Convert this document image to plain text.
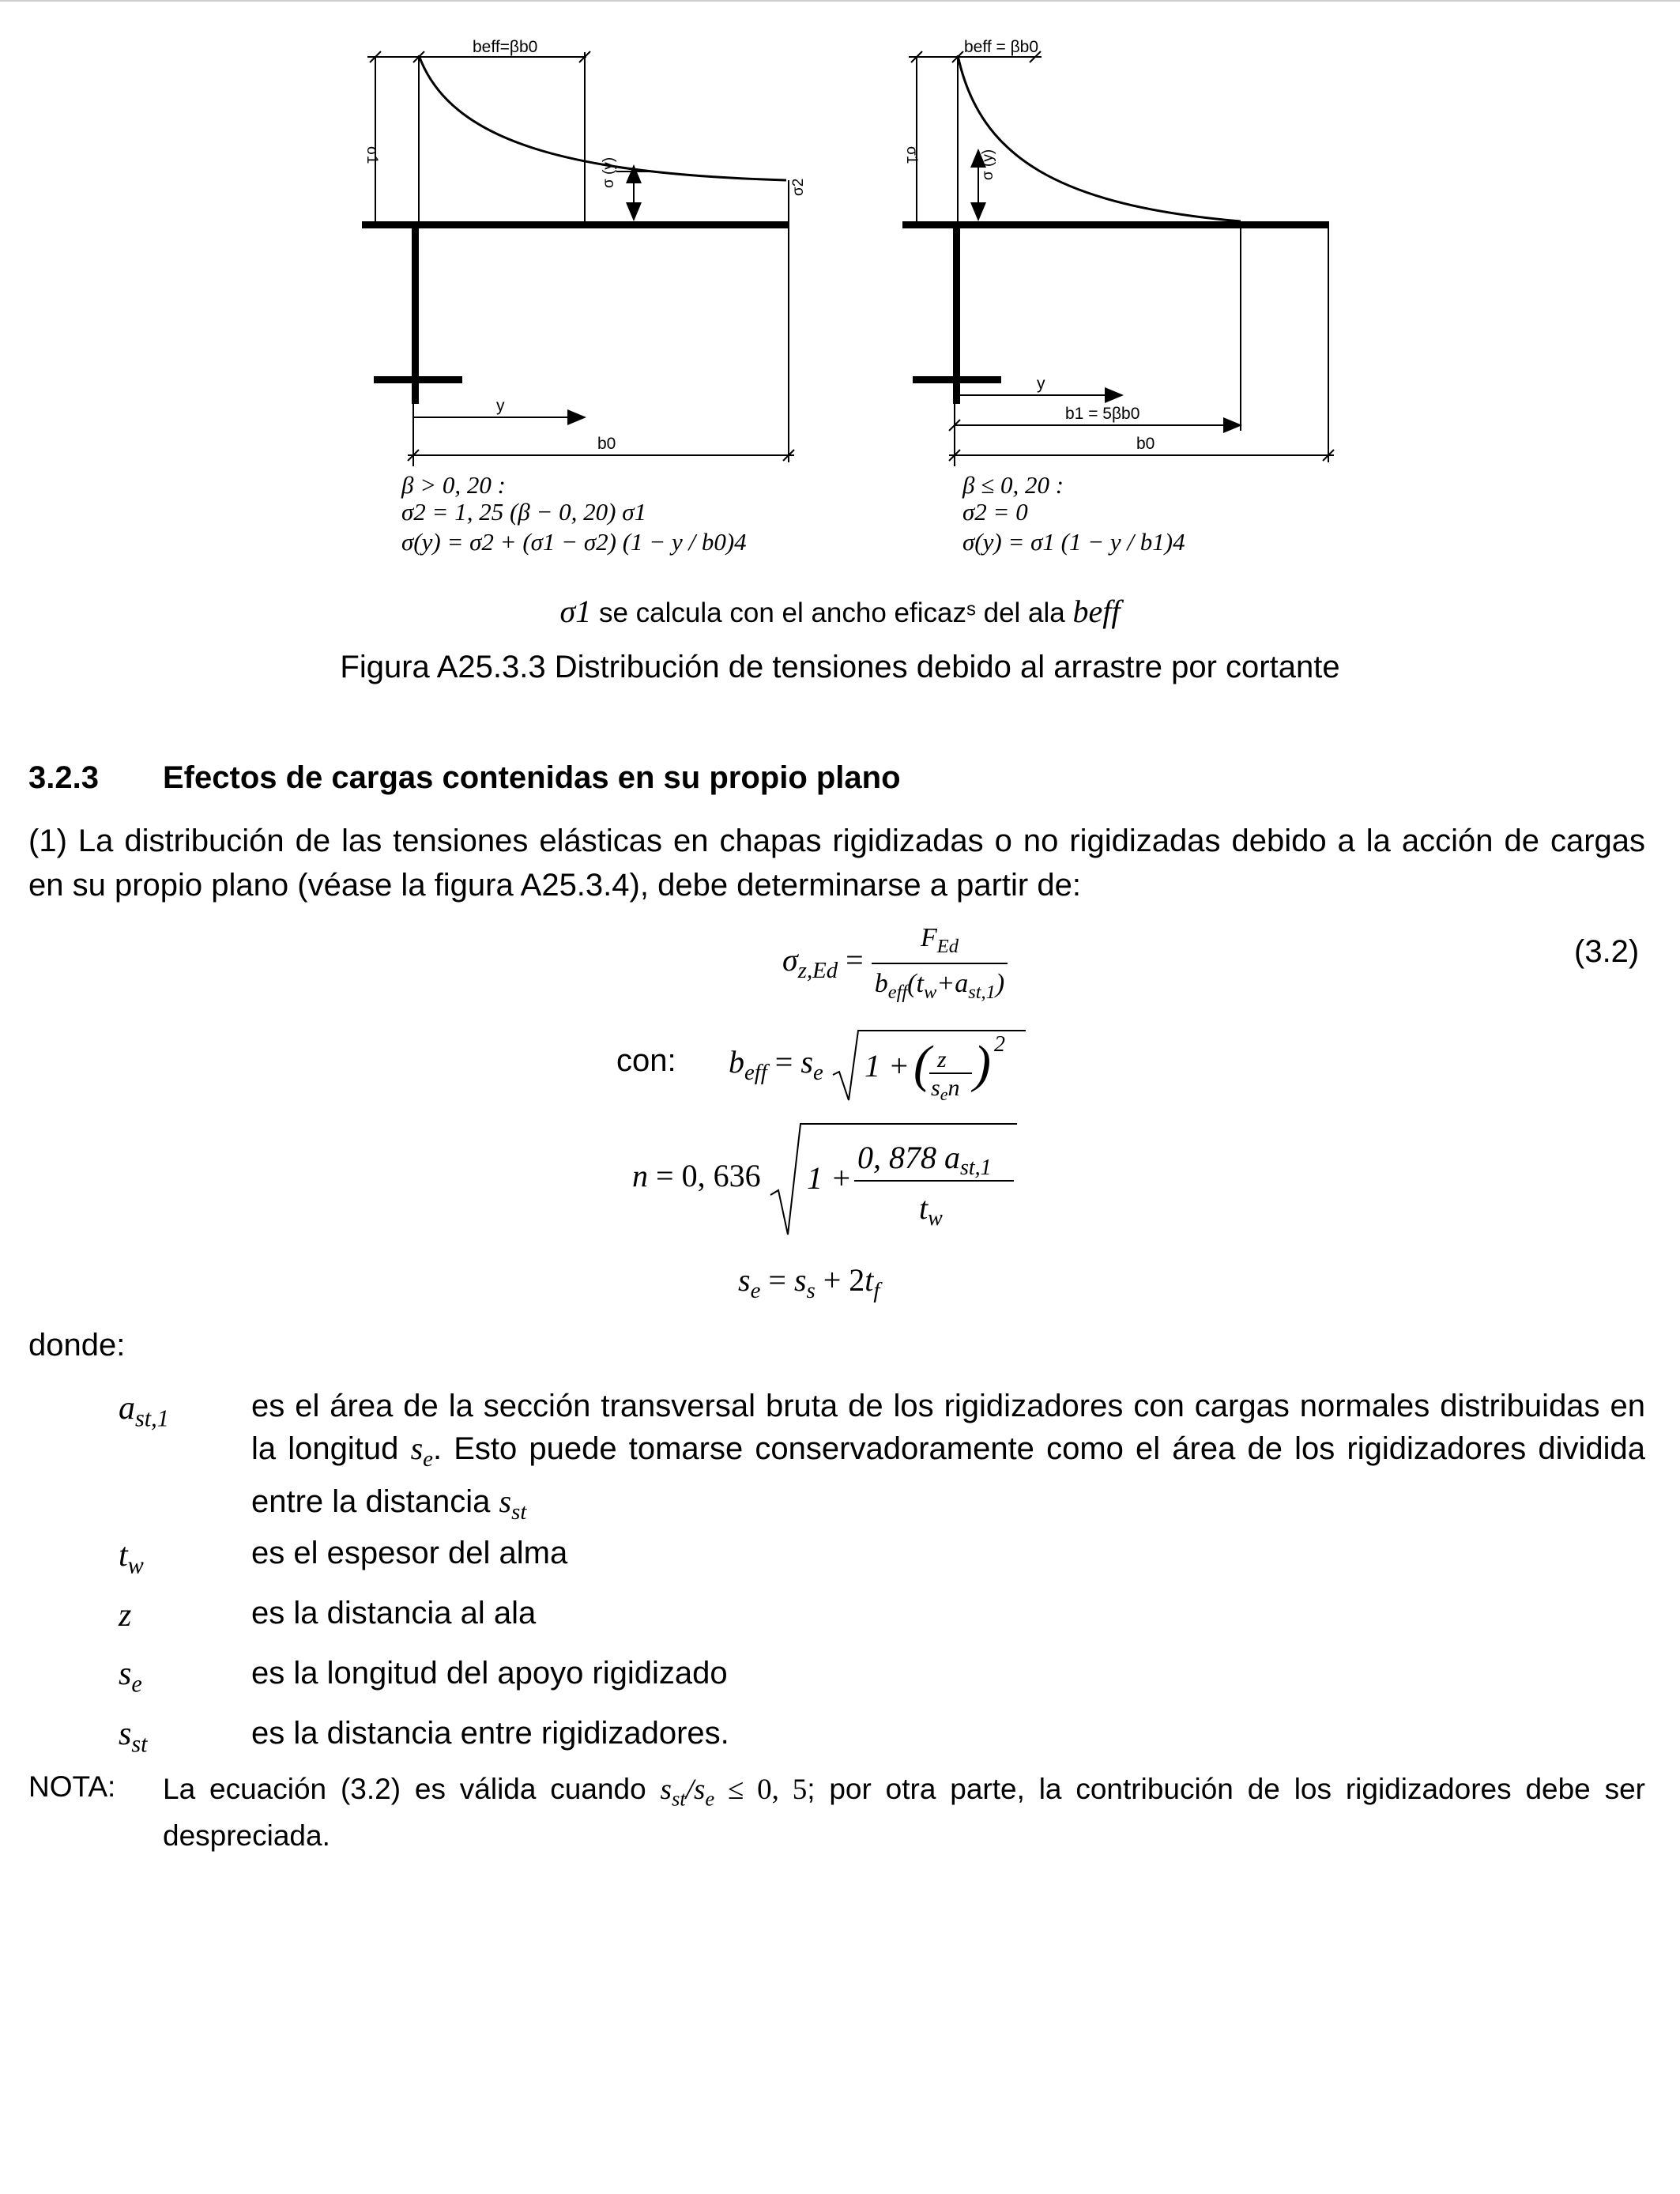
beff=βb0
σ1
σ (y)	σ2
y
b0
β > 0, 20 :
σ2 = 1, 25 (β − 0, 20) σ1
σ(y) = σ2 + (σ1 − σ2) (1 − y / b0)4
beff = βb0
σ1	σ (y)
y
b1 = 5βb0
b0
β ≤ 0, 20 :
σ2 = 0
σ(y) = σ1 (1 − y / b1)4
σ1 se calcula con el ancho eficazˢ del ala beff
Figura A25.3.3 Distribución de tensiones debido al arrastre por cortante
3.2.3 Efectos de cargas contenidas en su propio plano
(1) La distribución de las tensiones elásticas en chapas rigidizadas o no rigidizadas debido a la acción de cargas en su propio plano (véase la figura A25.3.4), debe determinarse a partir de:
$\sigma_{z,Ed} = \frac{F_{Ed}}{b_{eff}(t_w+a_{st,1})}$	(3.2)
con: $b_{eff} = s_e$ 1 + ( z
$s_en$ ) 2
n = 0, 636 1 +
0, 878 $a_{st,1}$
$t_w$
$s_e = s_s + 2t_f$
donde:
$a_{st,1}$	es el área de la sección transversal bruta de los rigidizadores con cargas normales distribuidas en la longitud $s_e$. Esto puede tomarse conservadoramente como el área de los rigidizadores dividida entre la distancia $s_{st}$
$t_w$	es el espesor del alma
z	es la distancia al ala
$s_e$	es la longitud del apoyo rigidizado
$s_{st}$	es la distancia entre rigidizadores.
NOTA: La ecuación (3.2) es válida cuando $s_{st}/s_e \le 0$, 5; por otra parte, la contribución de los rigidizadores debe ser despreciada.
